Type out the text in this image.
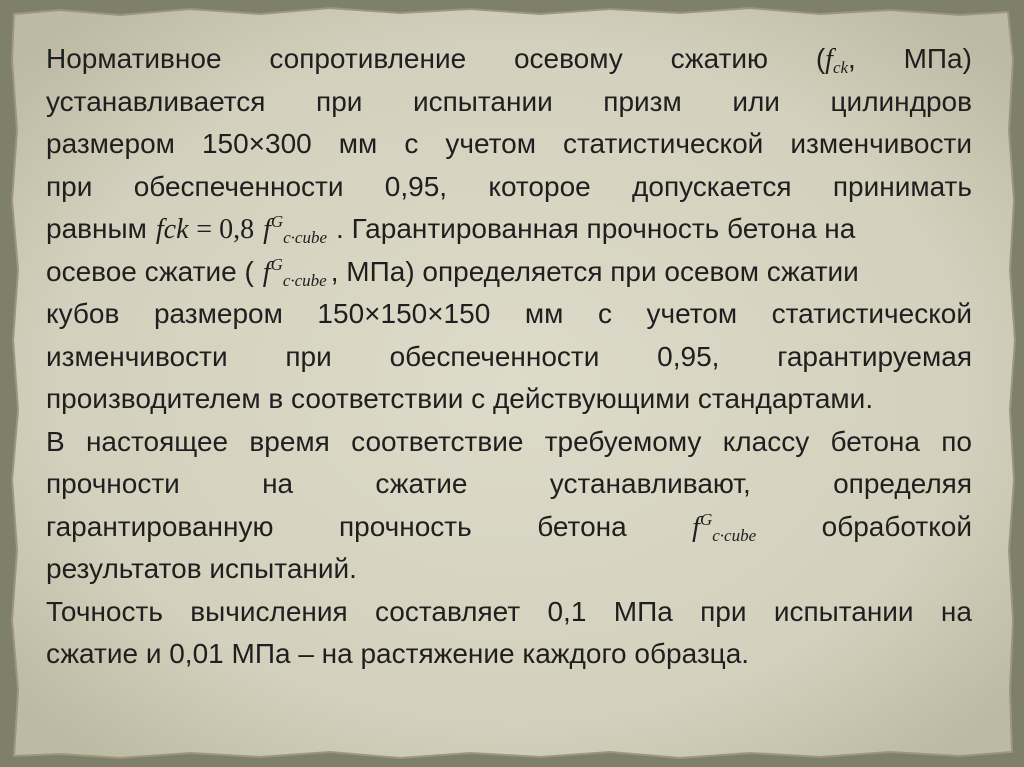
Нормативное сопротивление осевому сжатию ($f_{ck}$, МПа)
устанавливается при испытании призм или цилиндров
размером 150×300 мм с учетом статистической изменчивости
при обеспеченности 0,95, которое допускается принимать
равным fck = 0,8 $f^G_{c\cdot cube}$ . Гарантированная прочность бетона на
осевое сжатие ( $f^G_{c\cdot cube}$ , МПа) определяется при осевом сжатии
кубов размером 150×150×150 мм с учетом статистической
изменчивости при обеспеченности 0,95, гарантируемая
производителем в соответствии с действующими стандартами.
В настоящее время соответствие требуемому классу бетона по
прочности	на	сжатие	устанавливают,	определяя
гарантированную прочность бетона $f^G_{c\cdot cube}$ обработкой
результатов испытаний.
Точность вычисления составляет 0,1 МПа при испытании на
сжатие и 0,01 МПа – на растяжение каждого образца.
